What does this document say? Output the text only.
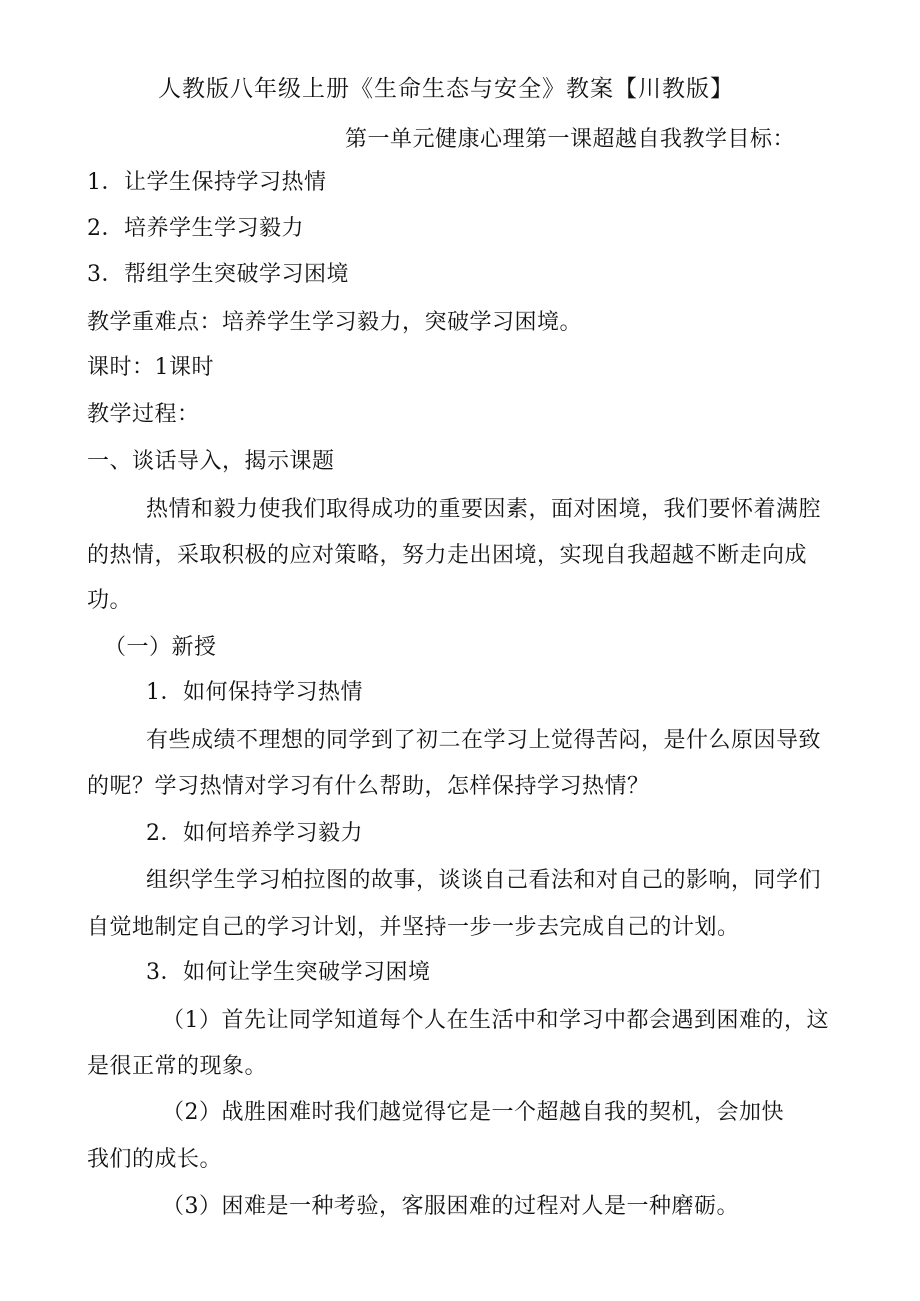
人教版八年级上册《生命生态与安全》教案【川教版】
第一单元健康心理第一课超越自我教学目标：
1．让学生保持学习热情
2．培养学生学习毅力
3．帮组学生突破学习困境
教学重难点：培养学生学习毅力，突破学习困境。
课时：1课时
教学过程：
一、谈话导入，揭示课题
热情和毅力使我们取得成功的重要因素，面对困境，我们要怀着满腔
的热情，采取积极的应对策略，努力走出困境，实现自我超越不断走向成
功。
（一）新授
1．如何保持学习热情
有些成绩不理想的同学到了初二在学习上觉得苦闷，是什么原因导致
的呢？学习热情对学习有什么帮助，怎样保持学习热情？
2．如何培养学习毅力
组织学生学习柏拉图的故事，谈谈自己看法和对自己的影响，同学们
自觉地制定自己的学习计划，并坚持一步一步去完成自己的计划。
3．如何让学生突破学习困境
（1）首先让同学知道每个人在生活中和学习中都会遇到困难的，这
是很正常的现象。
（2）战胜困难时我们越觉得它是一个超越自我的契机，会加快
我们的成长。
（3）困难是一种考验，客服困难的过程对人是一种磨砺。
